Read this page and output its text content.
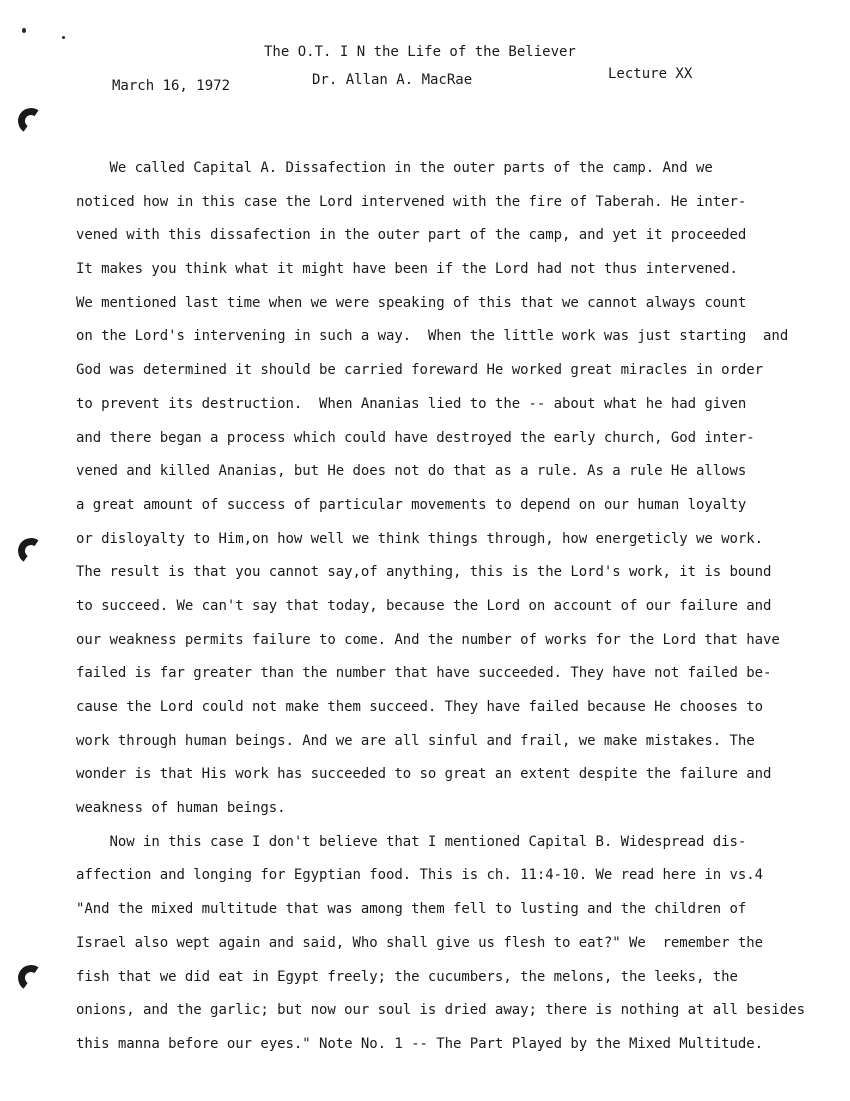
The O.T. I N the Life of the Believer
March 16, 1972	Dr. Allan A. MacRae	Lecture XX
We called Capital A. Dissafection in the outer parts of the camp. And we
noticed how in this case the Lord intervened with the fire of Taberah. He inter-
vened with this dissafection in the outer part of the camp, and yet it proceeded
It makes you think what it might have been if the Lord had not thus intervened.
We mentioned last time when we were speaking of this that we cannot always count
on the Lord's intervening in such a way.  When the little work was just starting  and
God was determined it should be carried foreward He worked great miracles in order
to prevent its destruction.  When Ananias lied to the -- about what he had given
and there began a process which could have destroyed the early church, God inter-
vened and killed Ananias, but He does not do that as a rule. As a rule He allows
a great amount of success of particular movements to depend on our human loyalty
or disloyalty to Him,on how well we think things through, how energeticly we work.
The result is that you cannot say,of anything, this is the Lord's work, it is bound
to succeed. We can't say that today, because the Lord on account of our failure and
our weakness permits failure to come. And the number of works for the Lord that have
failed is far greater than the number that have succeeded. They have not failed be-
cause the Lord could not make them succeed. They have failed because He chooses to
work through human beings. And we are all sinful and frail, we make mistakes. The
wonder is that His work has succeeded to so great an extent despite the failure and
weakness of human beings.
Now in this case I don't believe that I mentioned Capital B. Widespread dis-
affection and longing for Egyptian food. This is ch. 11:4-10. We read here in vs.4
"And the mixed multitude that was among them fell to lusting and the children of
Israel also wept again and said, Who shall give us flesh to eat?" We  remember the
fish that we did eat in Egypt freely; the cucumbers, the melons, the leeks, the
onions, and the garlic; but now our soul is dried away; there is nothing at all besides
this manna before our eyes." Note No. 1 -- The Part Played by the Mixed Multitude.
